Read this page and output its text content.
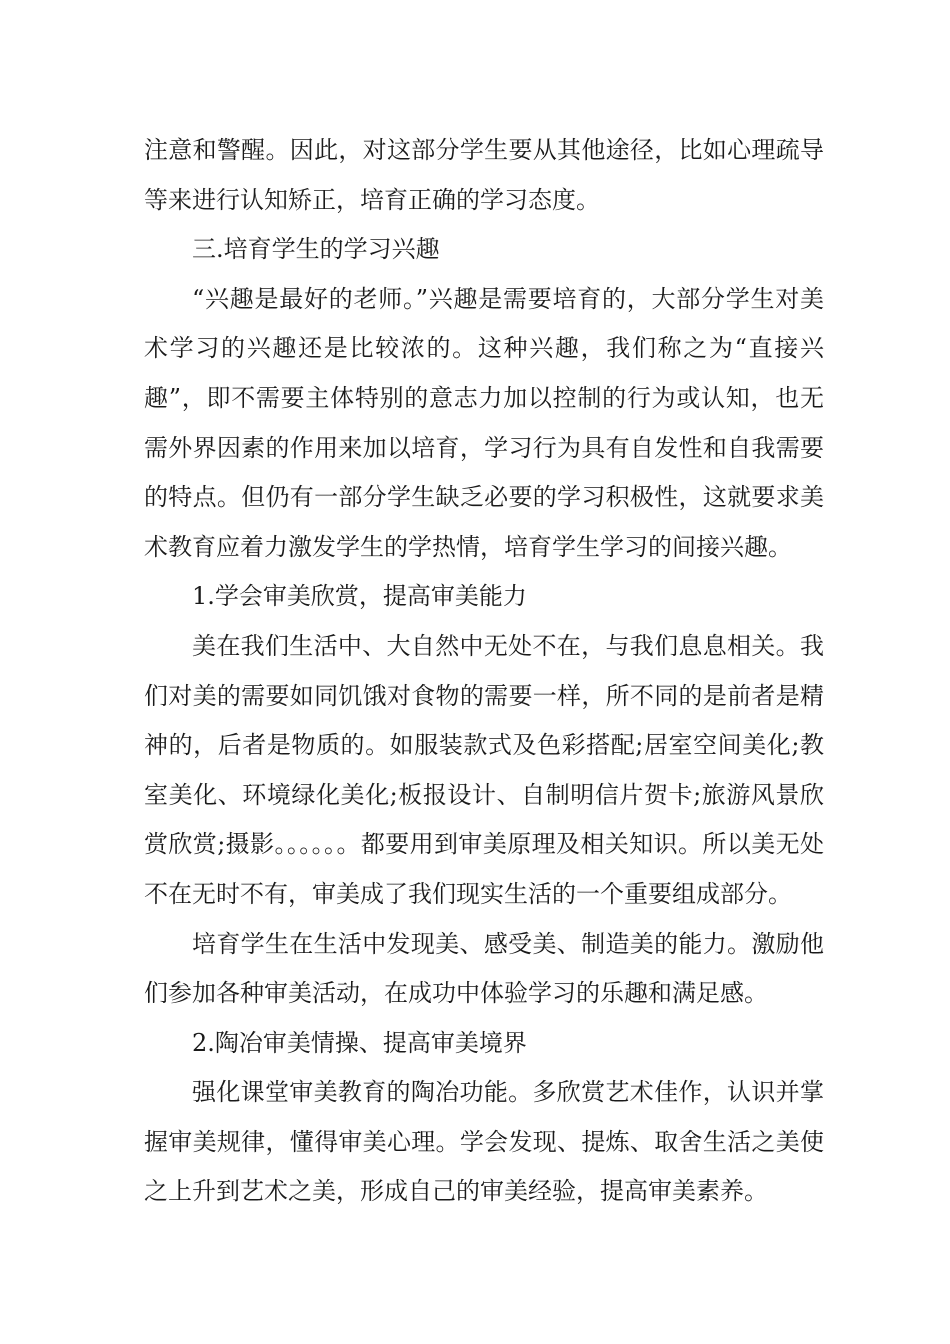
注意和警醒。因此，对这部分学生要从其他途径，比如心理疏导等来进行认知矫正，培育正确的学习态度。

三.培育学生的学习兴趣

“兴趣是最好的老师。”兴趣是需要培育的，大部分学生对美术学习的兴趣还是比较浓的。这种兴趣，我们称之为“直接兴趣”，即不需要主体特别的意志力加以控制的行为或认知，也无需外界因素的作用来加以培育，学习行为具有自发性和自我需要的特点。但仍有一部分学生缺乏必要的学习积极性，这就要求美术教育应着力激发学生的学热情，培育学生学习的间接兴趣。

1.学会审美欣赏，提高审美能力

美在我们生活中、大自然中无处不在，与我们息息相关。我们对美的需要如同饥饿对食物的需要一样，所不同的是前者是精神的，后者是物质的。如服装款式及色彩搭配;居室空间美化;教室美化、环境绿化美化;板报设计、自制明信片贺卡;旅游风景欣赏欣赏;摄影。。。。。。都要用到审美原理及相关知识。所以美无处不在无时不有，审美成了我们现实生活的一个重要组成部分。

培育学生在生活中发现美、感受美、制造美的能力。激励他们参加各种审美活动，在成功中体验学习的乐趣和满足感。

2.陶冶审美情操、提高审美境界

强化课堂审美教育的陶冶功能。多欣赏艺术佳作，认识并掌握审美规律，懂得审美心理。学会发现、提炼、取舍生活之美使之上升到艺术之美，形成自己的审美经验，提高审美素养。
